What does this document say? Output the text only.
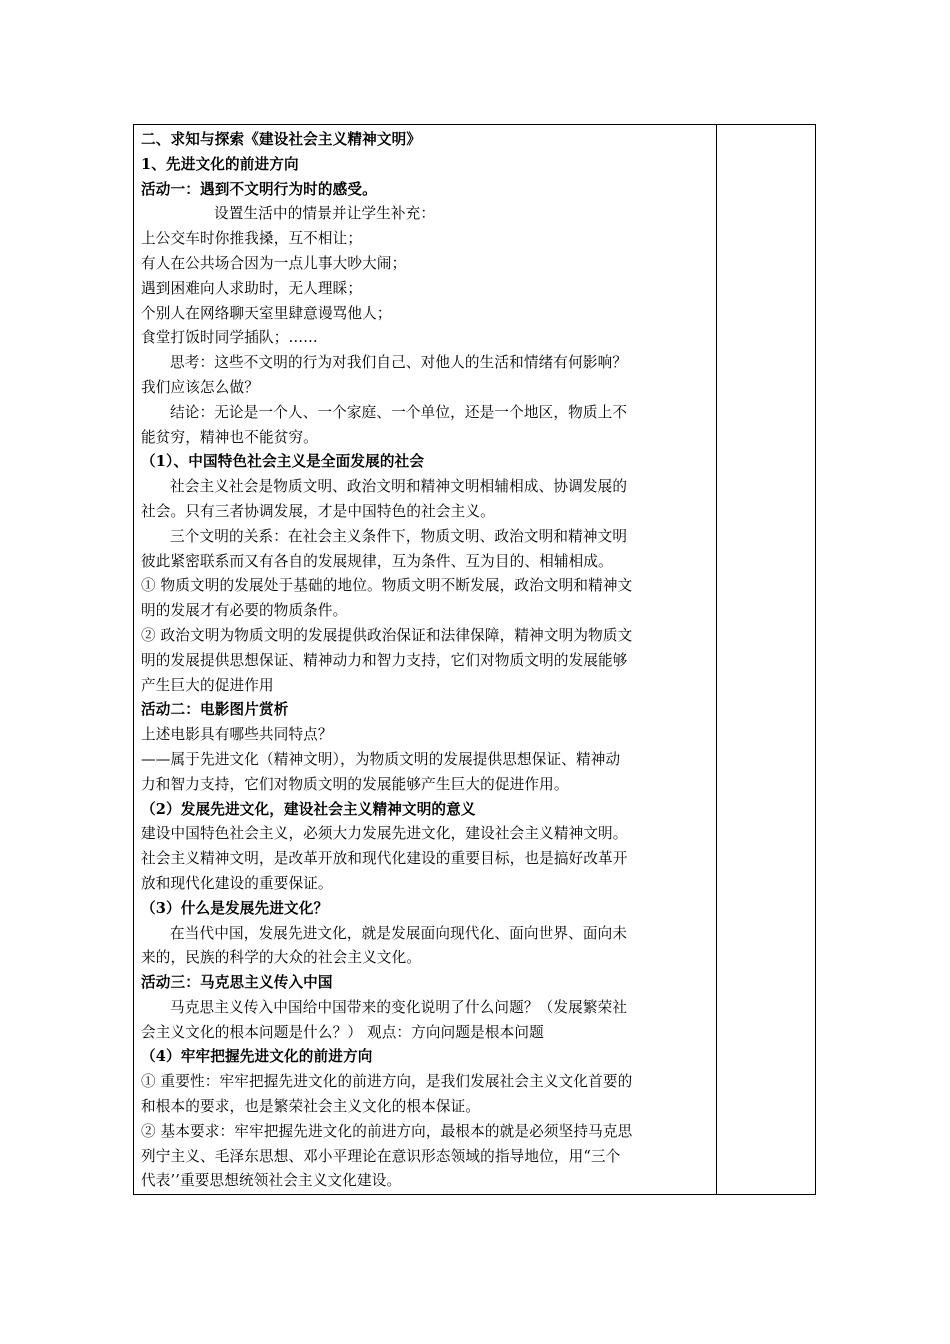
二、求知与探索《建设社会主义精神文明》
1、先进文化的前进方向
活动一：遇到不文明行为时的感受。
设置生活中的情景并让学生补充：
上公交车时你推我搡，互不相让；
有人在公共场合因为一点儿事大吵大闹；
遇到困难向人求助时，无人理睬；
个别人在网络聊天室里肆意谩骂他人；
食堂打饭时同学插队；……
思考：这些不文明的行为对我们自己、对他人的生活和情绪有何影响？
我们应该怎么做？
结论：无论是一个人、一个家庭、一个单位，还是一个地区，物质上不
能贫穷，精神也不能贫穷。
（1）、中国特色社会主义是全面发展的社会
社会主义社会是物质文明、政治文明和精神文明相辅相成、协调发展的
社会。只有三者协调发展，才是中国特色的社会主义。
三个文明的关系：在社会主义条件下，物质文明、政治文明和精神文明
彼此紧密联系而又有各自的发展规律，互为条件、互为目的、相辅相成。
① 物质文明的发展处于基础的地位。物质文明不断发展，政治文明和精神文
明的发展才有必要的物质条件。
② 政治文明为物质文明的发展提供政治保证和法律保障，精神文明为物质文
明的发展提供思想保证、精神动力和智力支持，它们对物质文明的发展能够
产生巨大的促进作用
活动二：电影图片赏析
上述电影具有哪些共同特点？
——属于先进文化（精神文明），为物质文明的发展提供思想保证、精神动
力和智力支持，它们对物质文明的发展能够产生巨大的促进作用。
（2）发展先进文化，建设社会主义精神文明的意义
建设中国特色社会主义，必须大力发展先进文化，建设社会主义精神文明。
社会主义精神文明，是改革开放和现代化建设的重要目标，也是搞好改革开
放和现代化建设的重要保证。
（3）什么是发展先进文化？
在当代中国，发展先进文化，就是发展面向现代化、面向世界、面向未
来的，民族的科学的大众的社会主义文化。
活动三：马克思主义传入中国
马克思主义传入中国给中国带来的变化说明了什么问题？（发展繁荣社
会主义文化的根本问题是什么？） 观点：方向问题是根本问题
（4）牢牢把握先进文化的前进方向
① 重要性：牢牢把握先进文化的前进方向，是我们发展社会主义文化首要的
和根本的要求，也是繁荣社会主义文化的根本保证。
② 基本要求：牢牢把握先进文化的前进方向，最根本的就是必须坚持马克思
列宁主义、毛泽东思想、邓小平理论在意识形态领域的指导地位，用“三个
代表’’重要思想统领社会主义文化建设。
